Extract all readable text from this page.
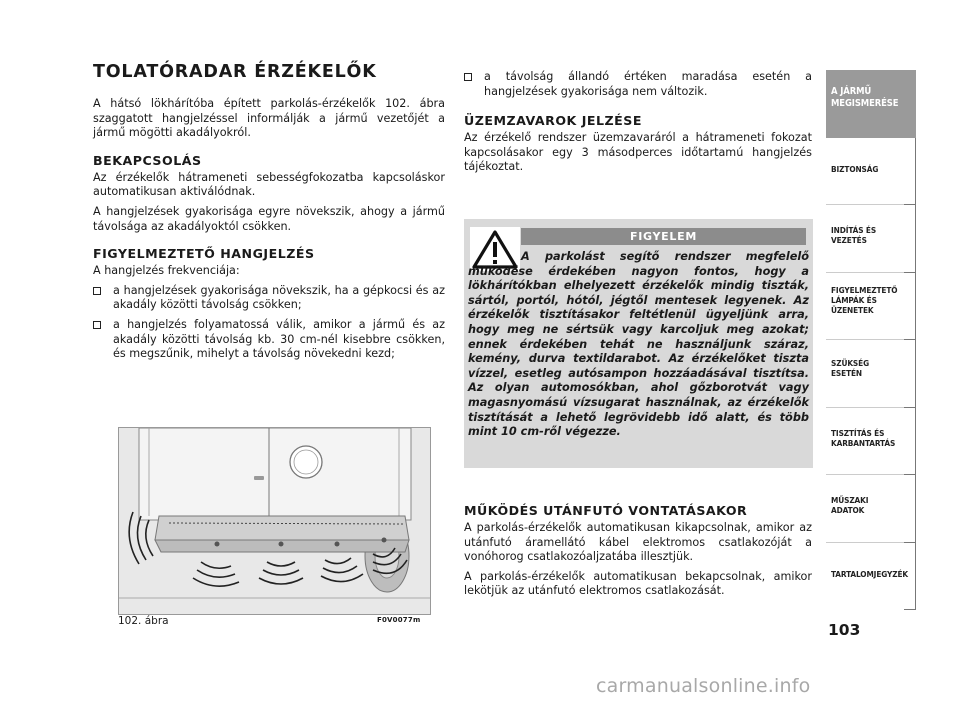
TOLATÓRADAR ÉRZÉKELŐK

A hátsó lökhárítóba épített parkolás-érzékelők 102. ábra szaggatott hangjelzéssel informálják a jármű vezetőjét a jármű mögötti akadályokról.

BEKAPCSOLÁS

Az érzékelők hátrameneti sebességfokozatba kapcsoláskor automatikusan aktiválódnak.

A hangjelzések gyakorisága egyre növekszik, ahogy a jármű távolsága az akadályoktól csökken.

FIGYELMEZTETŐ HANGJELZÉS

A hangjelzés frekvenciája:

a hangjelzések gyakorisága növekszik, ha a gépkocsi és az akadály közötti távolság csökken;
a hangjelzés folyamatossá válik, amikor a jármű és az akadály közötti távolság kb. 30 cm-nél kisebbre csökken, és megszűnik, mihelyt a távolság növekedni kezd;
102. ábra	F0V0077m
a távolság állandó értéken maradása esetén a hangjelzések gyakorisága nem változik.
ÜZEMZAVAROK JELZÉSE

Az érzékelő rendszer üzemzavaráról a hátrameneti fokozat kapcsolásakor egy 3 másodperces időtartamú hangjelzés tájékoztat.

FIGYELEM
A parkolást segítő rendszer megfelelő működése érdekében nagyon fontos, hogy a lökhárítókban elhelyezett érzékelők mindig tiszták, sártól, portól, hótól, jégtől mentesek legyenek. Az érzékelők tisztításakor feltétlenül ügyeljünk arra, hogy meg ne sértsük vagy karcoljuk meg azokat; ennek érdekében tehát ne használjunk száraz, kemény, durva textildarabot. Az érzékelőket tiszta vízzel, esetleg autósampon hozzáadásával tisztítsa. Az olyan automosókban, ahol gőzborotvát vagy magasnyomású vízsugarat használnak, az érzékelők tisztítását a lehető legrövidebb idő alatt, és több mint 10 cm-ről végezze.
MŰKÖDÉS UTÁNFUTÓ VONTATÁSAKOR

A parkolás-érzékelők automatikusan kikapcsolnak, amikor az utánfutó áramellátó kábel elektromos csatlakozóját a vonóhorog csatlakozóaljzatába illesztjük.

A parkolás-érzékelők automatikusan bekapcsolnak, amikor lekötjük az utánfutó elektromos csatlakozását.

A JÁRMŰ MEGISMERÉSE
BIZTONSÁG
INDÍTÁS ÉS VEZETÉS
FIGYELMEZTETŐ LÁMPÁK ÉS ÜZENETEK
SZÜKSÉG ESETÉN
TISZTÍTÁS ÉS KARBANTARTÁS
MŰSZAKI ADATOK
TARTALOMJEGYZÉK
103
carmanualsonline.info
